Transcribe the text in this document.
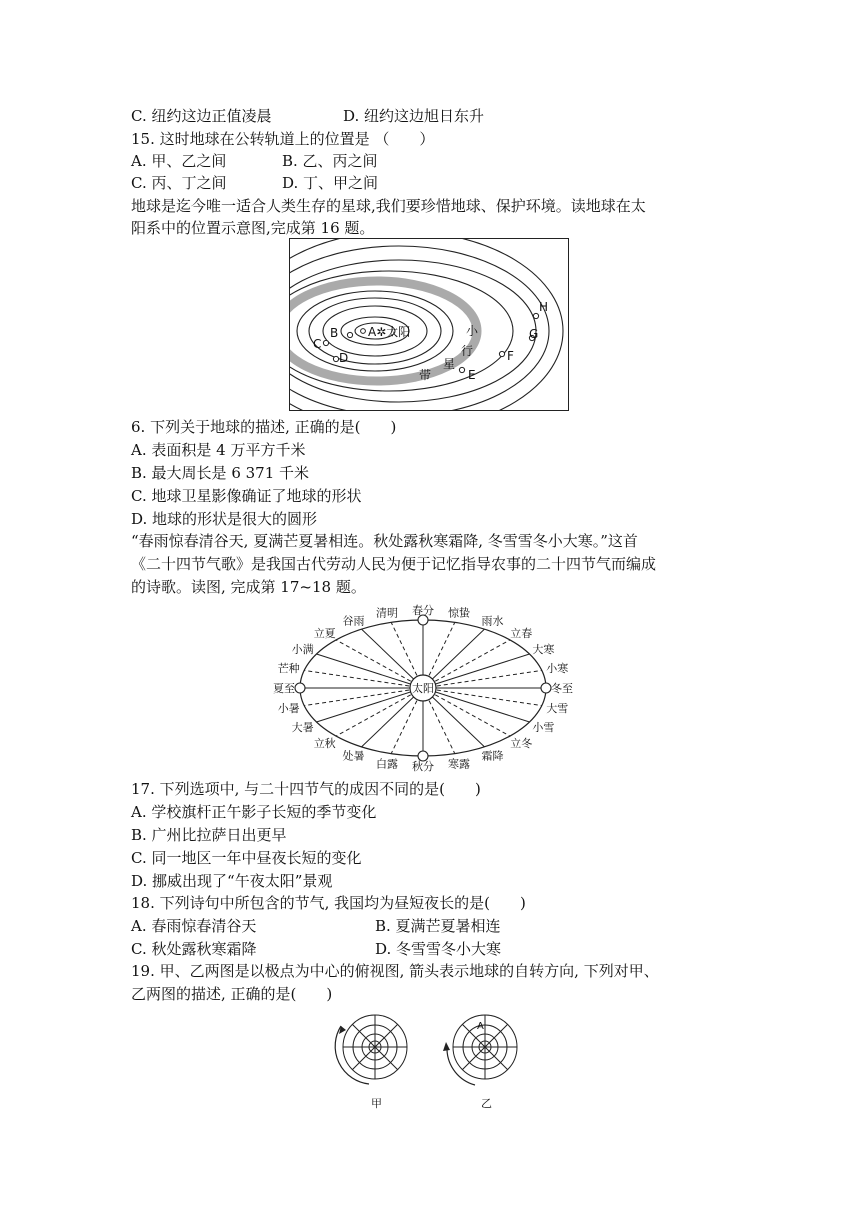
C. 纽约这边正值凌晨	D. 纽约这边旭日东升
15. 这时地球在公转轨道上的位置是 （　　）
A. 甲、乙之间	B. 乙、丙之间
C. 丙、丁之间	D. 丁、甲之间
地球是迄今唯一适合人类生存的星球,我们要珍惜地球、保护环境。读地球在太
阳系中的位置示意图,完成第 16 题。
A✲太阳
B
C
D
E
F
G
H
小
行
星
带
6. 下列关于地球的描述, 正确的是(　　)
A. 表面积是 4 万平方千米
B. 最大周长是 6 371 千米
C. 地球卫星影像确证了地球的形状
D. 地球的形状是很大的圆形
“春雨惊春清谷天, 夏满芒夏暑相连。秋处露秋寒霜降, 冬雪雪冬小大寒。”这首
《二十四节气歌》是我国古代劳动人民为便于记忆指导农事的二十四节气而编成
的诗歌。读图, 完成第 17~18 题。
太阳
春分 惊蛰
雨水
立春
大寒
小寒
冬至
大雪
小雪
立冬
霜降
寒露
秋分
白露
处暑
立秋
大暑
小暑
夏至
芒种
小满
立夏
谷雨
清明
17. 下列选项中, 与二十四节气的成因不同的是(　　)
A. 学校旗杆正午影子长短的季节变化
B. 广州比拉萨日出更早
C. 同一地区一年中昼夜长短的变化
D. 挪威出现了“午夜太阳”景观
18. 下列诗句中所包含的节气, 我国均为昼短夜长的是(　　)
A. 春雨惊春清谷天	B. 夏满芒夏暑相连
C. 秋处露秋寒霜降	D. 冬雪雪冬小大寒
19. 甲、乙两图是以极点为中心的俯视图, 箭头表示地球的自转方向, 下列对甲、
乙两图的描述, 正确的是(　　)
A
甲	乙
